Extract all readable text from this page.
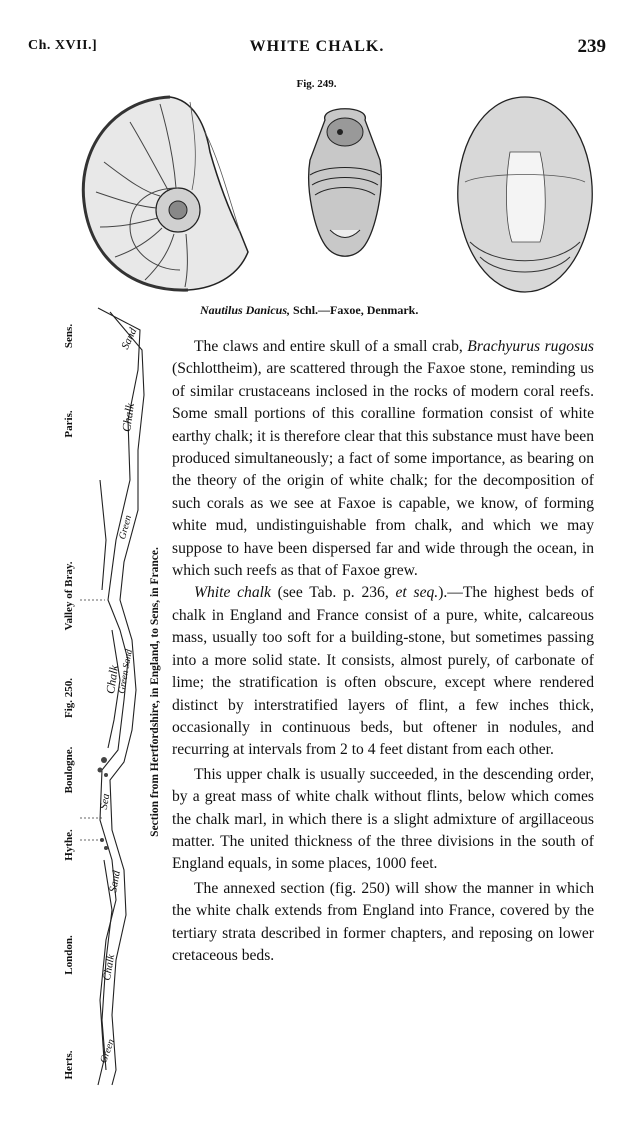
Ch. XVII.]	WHITE CHALK.	239
Fig. 249.
Nautilus Danicus, Schl.—Faxoe, Denmark.
Sens.
Paris.
Valley of Bray.
Fig. 250.
Boulogne.
Hythe.
London.
Herts.
Section from Hertfordshire, in England, to Sens, in France.
Sand
Chalk
Green
Chalk
Green Sand
Sea
Sand
Chalk
Green

The claws and entire skull of a small crab, Brachyurus rugosus (Schlottheim), are scattered through the Faxoe stone, reminding us of similar crustaceans inclosed in the rocks of modern coral reefs. Some small portions of this coralline formation consist of white earthy chalk; it is therefore clear that this substance must have been produced simultaneously; a fact of some importance, as bearing on the theory of the origin of white chalk; for the decomposition of such corals as we see at Faxoe is capable, we know, of forming white mud, undistinguishable from chalk, and which we may suppose to have been dispersed far and wide through the ocean, in which such reefs as that of Faxoe grew.

White chalk (see Tab. p. 236, et seq.).—The highest beds of chalk in England and France consist of a pure, white, calcareous mass, usually too soft for a building-stone, but sometimes passing into a more solid state. It consists, almost purely, of carbonate of lime; the stratification is often obscure, except where rendered distinct by interstratified layers of flint, a few inches thick, occasionally in continuous beds, but oftener in nodules, and recurring at intervals from 2 to 4 feet distant from each other.

This upper chalk is usually succeeded, in the descending order, by a great mass of white chalk without flints, below which comes the chalk marl, in which there is a slight admixture of argillaceous matter. The united thickness of the three divisions in the south of England equals, in some places, 1000 feet.

The annexed section (fig. 250) will show the manner in which the white chalk extends from England into France, covered by the tertiary strata described in former chapters, and reposing on lower cretaceous beds.
